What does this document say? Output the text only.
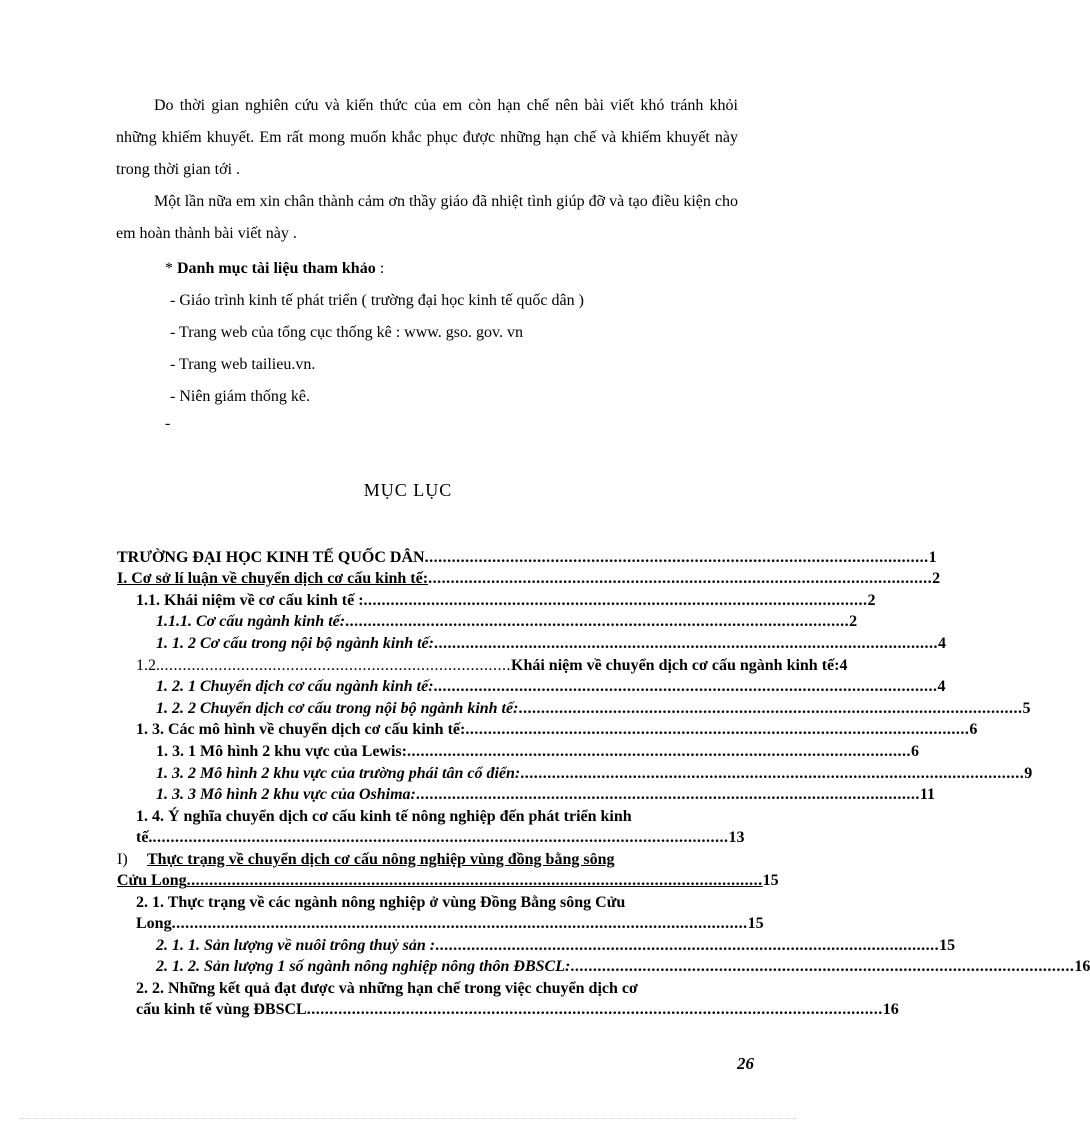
Do thời gian nghiên cứu và kiến thức của em còn hạn chế nên bài viết khó tránh khỏi những khiếm khuyết. Em rất mong muốn khắc phục được những hạn chế và khiếm khuyết này trong thời gian tới .

Một lần nữa em xin chân thành cảm ơn thầy giáo đã nhiệt tình giúp đỡ và tạo điều kiện cho em hoàn thành bài viết này .

* Danh mục tài liệu tham khảo :
- Giáo trình kinh tế phát triển ( trường đại học kinh tế quốc dân )
- Trang web của tổng cục thống kê : www. gso. gov. vn
- Trang web tailieu.vn.
- Niên giám thống kê.
-
MỤC LỤC
TRƯỜNG ĐẠI HỌC KINH TẾ QUỐC DÂN ................................................................................................................ 1
I. Cơ sở lí luận về chuyển dịch cơ cấu kinh tế: ................................................................................................................ 2
1.1. Khái niệm về cơ cấu kinh tế : ................................................................................................................ 2
1.1.1. Cơ cấu ngành kinh tế: ................................................................................................................ 2
1. 1. 2 Cơ cấu trong nội bộ ngành kinh tế: ................................................................................................................ 4
1.2. .............................................................................. Khái niệm về chuyển dịch cơ cấu ngành kinh tế: 4
1. 2. 1 Chuyển dịch cơ cấu ngành kinh tế: ................................................................................................................ 4
1. 2. 2 Chuyển dịch cơ cấu trong nội bộ ngành kinh tế: ................................................................................................................ 5
1. 3. Các mô hình về chuyển dịch cơ cấu kinh tế: ................................................................................................................ 6
1. 3. 1 Mô hình 2 khu vực của Lewis: ................................................................................................................ 6
1. 3. 2 Mô hình 2 khu vực của trường phái tân cổ điển: ................................................................................................................ 9
1. 3. 3 Mô hình 2 khu vực của Oshima: ................................................................................................................ 11
1. 4. Ý nghĩa chuyển dịch cơ cấu kinh tế nông nghiệp đến phát triển kinh
tế. ................................................................................................................................ 13
I)	Thực trạng về chuyển dịch cơ cấu nông nghiệp vùng đồng bằng sông
Cửu Long ................................................................................................................................ 15
2. 1. Thực trạng về các ngành nông nghiệp ở vùng Đồng Bằng sông Cửu
Long ................................................................................................................................ 15
2. 1. 1. Sản lượng về nuôi trông thuỷ sản : ................................................................................................................ 15
2. 1. 2. Sản lượng 1 số ngành nông nghiệp nông thôn ĐBSCL: ................................................................................................................ 16
2. 2. Những kết quả đạt được và những hạn chế trong việc chuyển dịch cơ
cấu kinh tế vùng ĐBSCL ................................................................................................................................ 16
26
